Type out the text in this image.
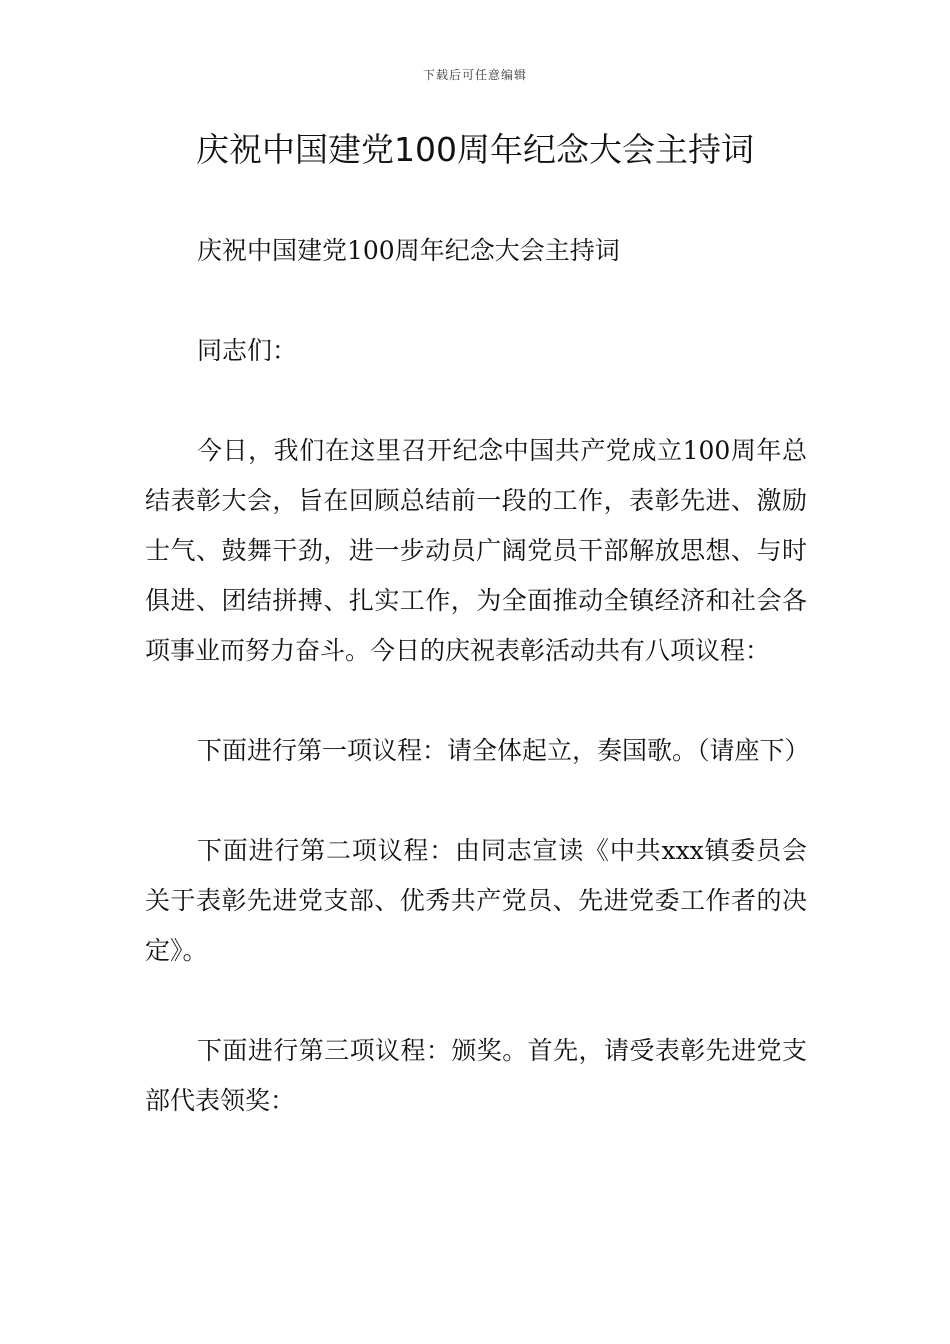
下载后可任意编辑
庆祝中国建党100周年纪念大会主持词

庆祝中国建党100周年纪念大会主持词

同志们：

今日，我们在这里召开纪念中国共产党成立100周年总结表彰大会，旨在回顾总结前一段的工作，表彰先进、激励士气、鼓舞干劲，进一步动员广阔党员干部解放思想、与时俱进、团结拼搏、扎实工作，为全面推动全镇经济和社会各项事业而努力奋斗。今日的庆祝表彰活动共有八项议程：

下面进行第一项议程：请全体起立，奏国歌。（请座下）

下面进行第二项议程：由同志宣读《中共xxx镇委员会关于表彰先进党支部、优秀共产党员、先进党委工作者的决定》。

下面进行第三项议程：颁奖。首先，请受表彰先进党支部代表领奖：
